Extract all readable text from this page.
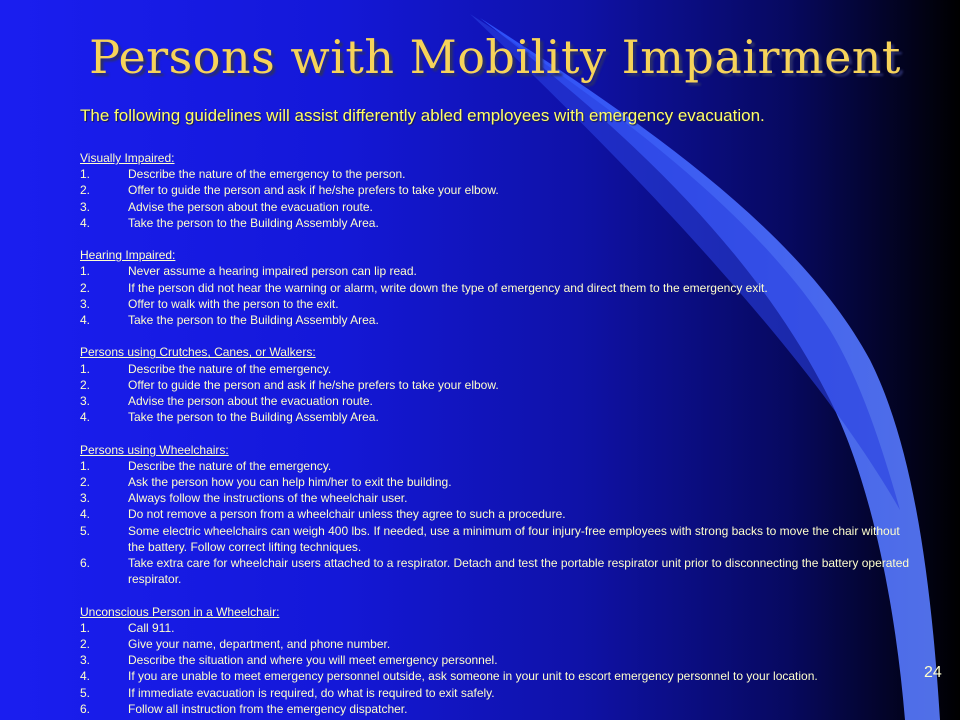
Persons with Mobility Impairment
The following guidelines will assist differently abled employees with emergency evacuation.
Visually Impaired:
1.	Describe the nature of the emergency to the person.
2.	Offer to guide the person and ask if he/she prefers to take your elbow.
3.	Advise the person about the evacuation route.
4.	Take the person to the Building Assembly Area.
Hearing Impaired:
1.	Never assume a hearing impaired person can lip read.
2.	If the person did not hear the warning or alarm, write down the type of emergency and direct them to the emergency exit.
3.	Offer to walk with the person to the exit.
4.	Take the person to the Building Assembly Area.
Persons using Crutches, Canes, or Walkers:
1.	Describe the nature of the emergency.
2.	Offer to guide the person and ask if he/she prefers to take your elbow.
3.	Advise the person about the evacuation route.
4.	Take the person to the Building Assembly Area.
Persons using Wheelchairs:
1.	Describe the nature of the emergency.
2.	Ask the person how you can help him/her to exit the building.
3.	Always follow the instructions of the wheelchair user.
4.	Do not remove a person from a wheelchair unless they agree to such a procedure.
5.	Some electric wheelchairs can weigh 400 lbs. If needed, use a minimum of four injury-free employees with strong backs to move the chair without the battery. Follow correct lifting techniques.
6.	Take extra care for wheelchair users attached to a respirator. Detach and test the portable respirator unit prior to disconnecting the battery operated respirator.
Unconscious Person in a Wheelchair:
1.	Call 911.
2.	Give your name, department, and phone number.
3.	Describe the situation and where you will meet emergency personnel.
4.	If you are unable to meet emergency personnel outside, ask someone in your unit to escort emergency personnel to your location.
5.	If immediate evacuation is required, do what is required to exit safely.
6.	Follow all instruction from the emergency dispatcher.
24
